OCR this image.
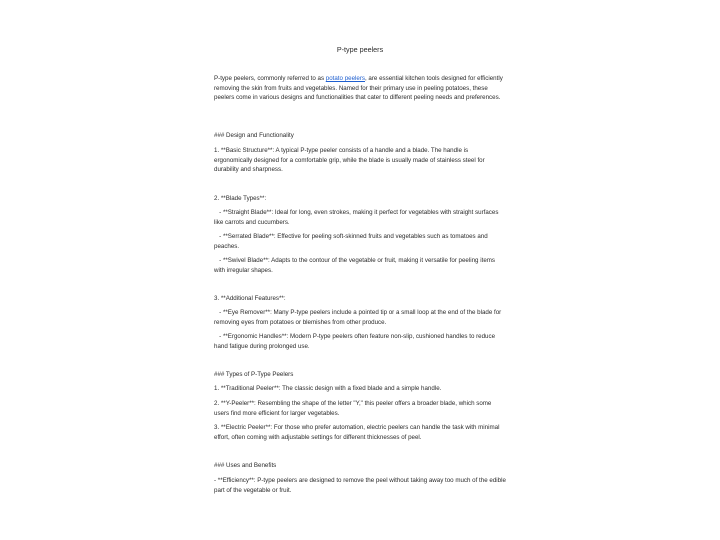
P-type peelers

P-type peelers, commonly referred to as potato peelers, are essential kitchen tools designed for efficiently removing the skin from fruits and vegetables. Named for their primary use in peeling potatoes, these peelers come in various designs and functionalities that cater to different peeling needs and preferences.

### Design and Functionality

1. **Basic Structure**: A typical P-type peeler consists of a handle and a blade. The handle is ergonomically designed for a comfortable grip, while the blade is usually made of stainless steel for durability and sharpness.

2. **Blade Types**:

- **Straight Blade**: Ideal for long, even strokes, making it perfect for vegetables with straight surfaces like carrots and cucumbers.

- **Serrated Blade**: Effective for peeling soft-skinned fruits and vegetables such as tomatoes and peaches.

- **Swivel Blade**: Adapts to the contour of the vegetable or fruit, making it versatile for peeling items with irregular shapes.

3. **Additional Features**:

- **Eye Remover**: Many P-type peelers include a pointed tip or a small loop at the end of the blade for removing eyes from potatoes or blemishes from other produce.

- **Ergonomic Handles**: Modern P-type peelers often feature non-slip, cushioned handles to reduce hand fatigue during prolonged use.

### Types of P-Type Peelers

1. **Traditional Peeler**: The classic design with a fixed blade and a simple handle.

2. **Y-Peeler**: Resembling the shape of the letter "Y," this peeler offers a broader blade, which some users find more efficient for larger vegetables.

3. **Electric Peeler**: For those who prefer automation, electric peelers can handle the task with minimal effort, often coming with adjustable settings for different thicknesses of peel.

### Uses and Benefits

- **Efficiency**: P-type peelers are designed to remove the peel without taking away too much of the edible part of the vegetable or fruit.
